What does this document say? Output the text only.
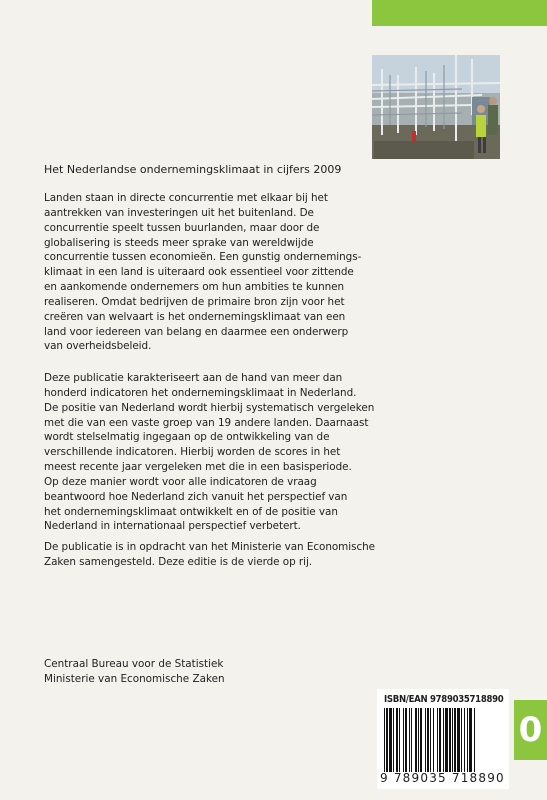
Het Nederlandse ondernemingsklimaat in cijfers 2009
Landen staan in directe concurrentie met elkaar bij het
aantrekken van investeringen uit het buitenland. De
concurrentie speelt tussen buurlanden, maar door de
globalisering is steeds meer sprake van wereldwijde
concurrentie tussen economieën. Een gunstig ondernemings-
klimaat in een land is uiteraard ook essentieel voor zittende
en aankomende ondernemers om hun ambities te kunnen
realiseren. Omdat bedrijven de primaire bron zijn voor het
creëren van welvaart is het ondernemingsklimaat van een
land voor iedereen van belang en daarmee een onderwerp
van overheidsbeleid.
Deze publicatie karakteriseert aan de hand van meer dan
honderd indicatoren het ondernemingsklimaat in Nederland.
De positie van Nederland wordt hierbij systematisch vergeleken
met die van een vaste groep van 19 andere landen. Daarnaast
wordt stelselmatig ingegaan op de ontwikkeling van de
verschillende indicatoren. Hierbij worden de scores in het
meest recente jaar vergeleken met die in een basisperiode.
Op deze manier wordt voor alle indicatoren de vraag
beantwoord hoe Nederland zich vanuit het perspectief van
het ondernemingsklimaat ontwikkelt en of de positie van
Nederland in internationaal perspectief verbetert.
De publicatie is in opdracht van het Ministerie van Economische
Zaken samengesteld. Deze editie is de vierde op rij.
Centraal Bureau voor de Statistiek
Ministerie van Economische Zaken
ISBN/EAN 9789035718890
9 789035 718890
0
